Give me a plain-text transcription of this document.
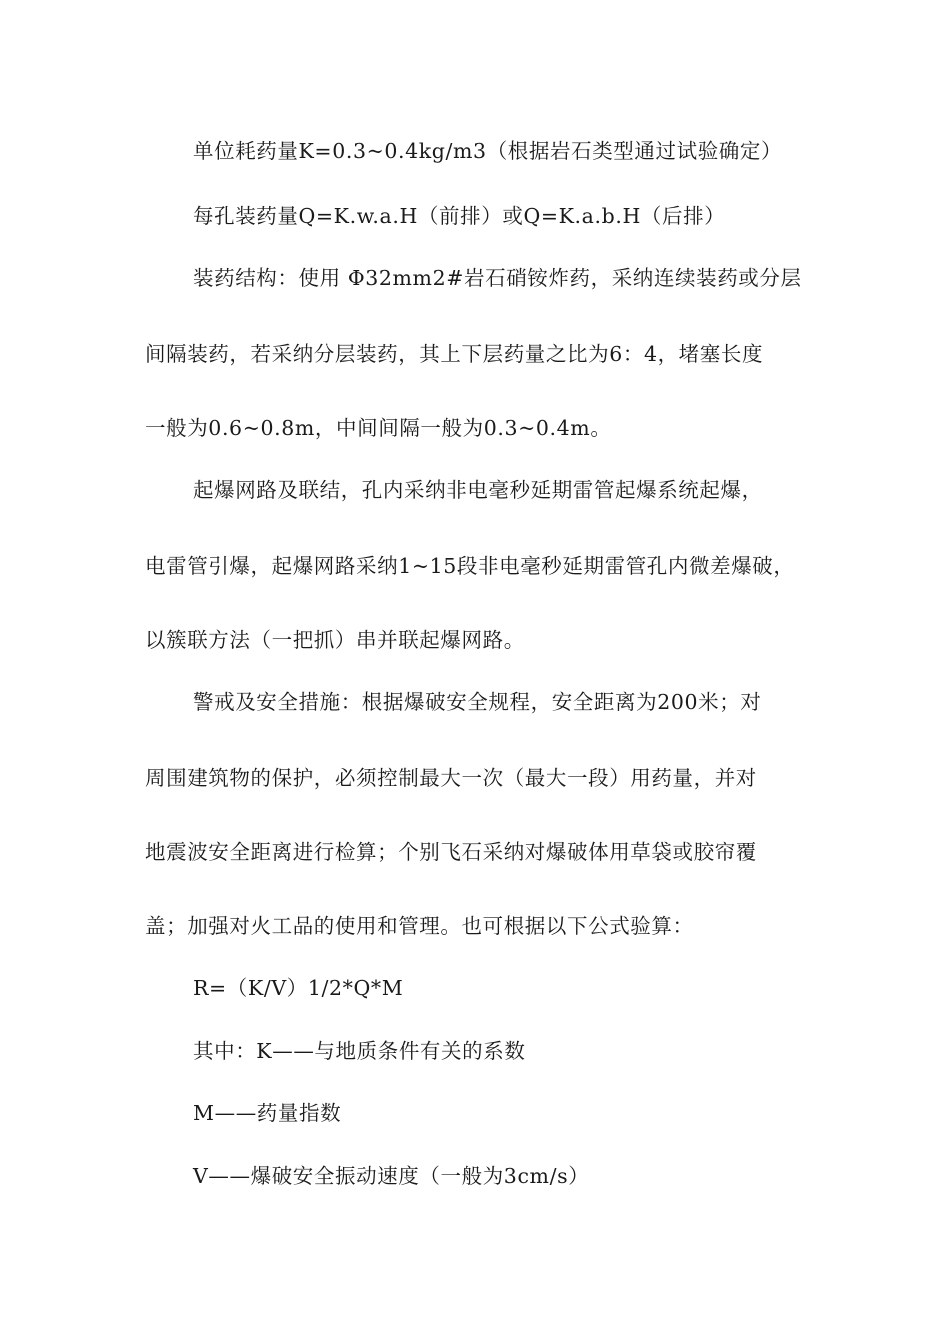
单位耗药量K=0.3~0.4kg/m3（根据岩石类型通过试验确定）
每孔装药量Q=K.w.a.H（前排）或Q=K.a.b.H（后排）
装药结构：使用 Φ32mm2#岩石硝铵炸药，采纳连续装药或分层
间隔装药，若采纳分层装药，其上下层药量之比为6：4，堵塞长度
一般为0.6~0.8m，中间间隔一般为0.3~0.4m。
起爆网路及联结，孔内采纳非电毫秒延期雷管起爆系统起爆，
电雷管引爆，起爆网路采纳1~15段非电毫秒延期雷管孔内微差爆破，
以簇联方法（一把抓）串并联起爆网路。
警戒及安全措施：根据爆破安全规程，安全距离为200米；对
周围建筑物的保护，必须控制最大一次（最大一段）用药量，并对
地震波安全距离进行检算；个别飞石采纳对爆破体用草袋或胶帘覆
盖；加强对火工品的使用和管理。也可根据以下公式验算：
R=（K/V）1/2*Q*M
其中：K——与地质条件有关的系数
M——药量指数
V——爆破安全振动速度（一般为3cm/s）
